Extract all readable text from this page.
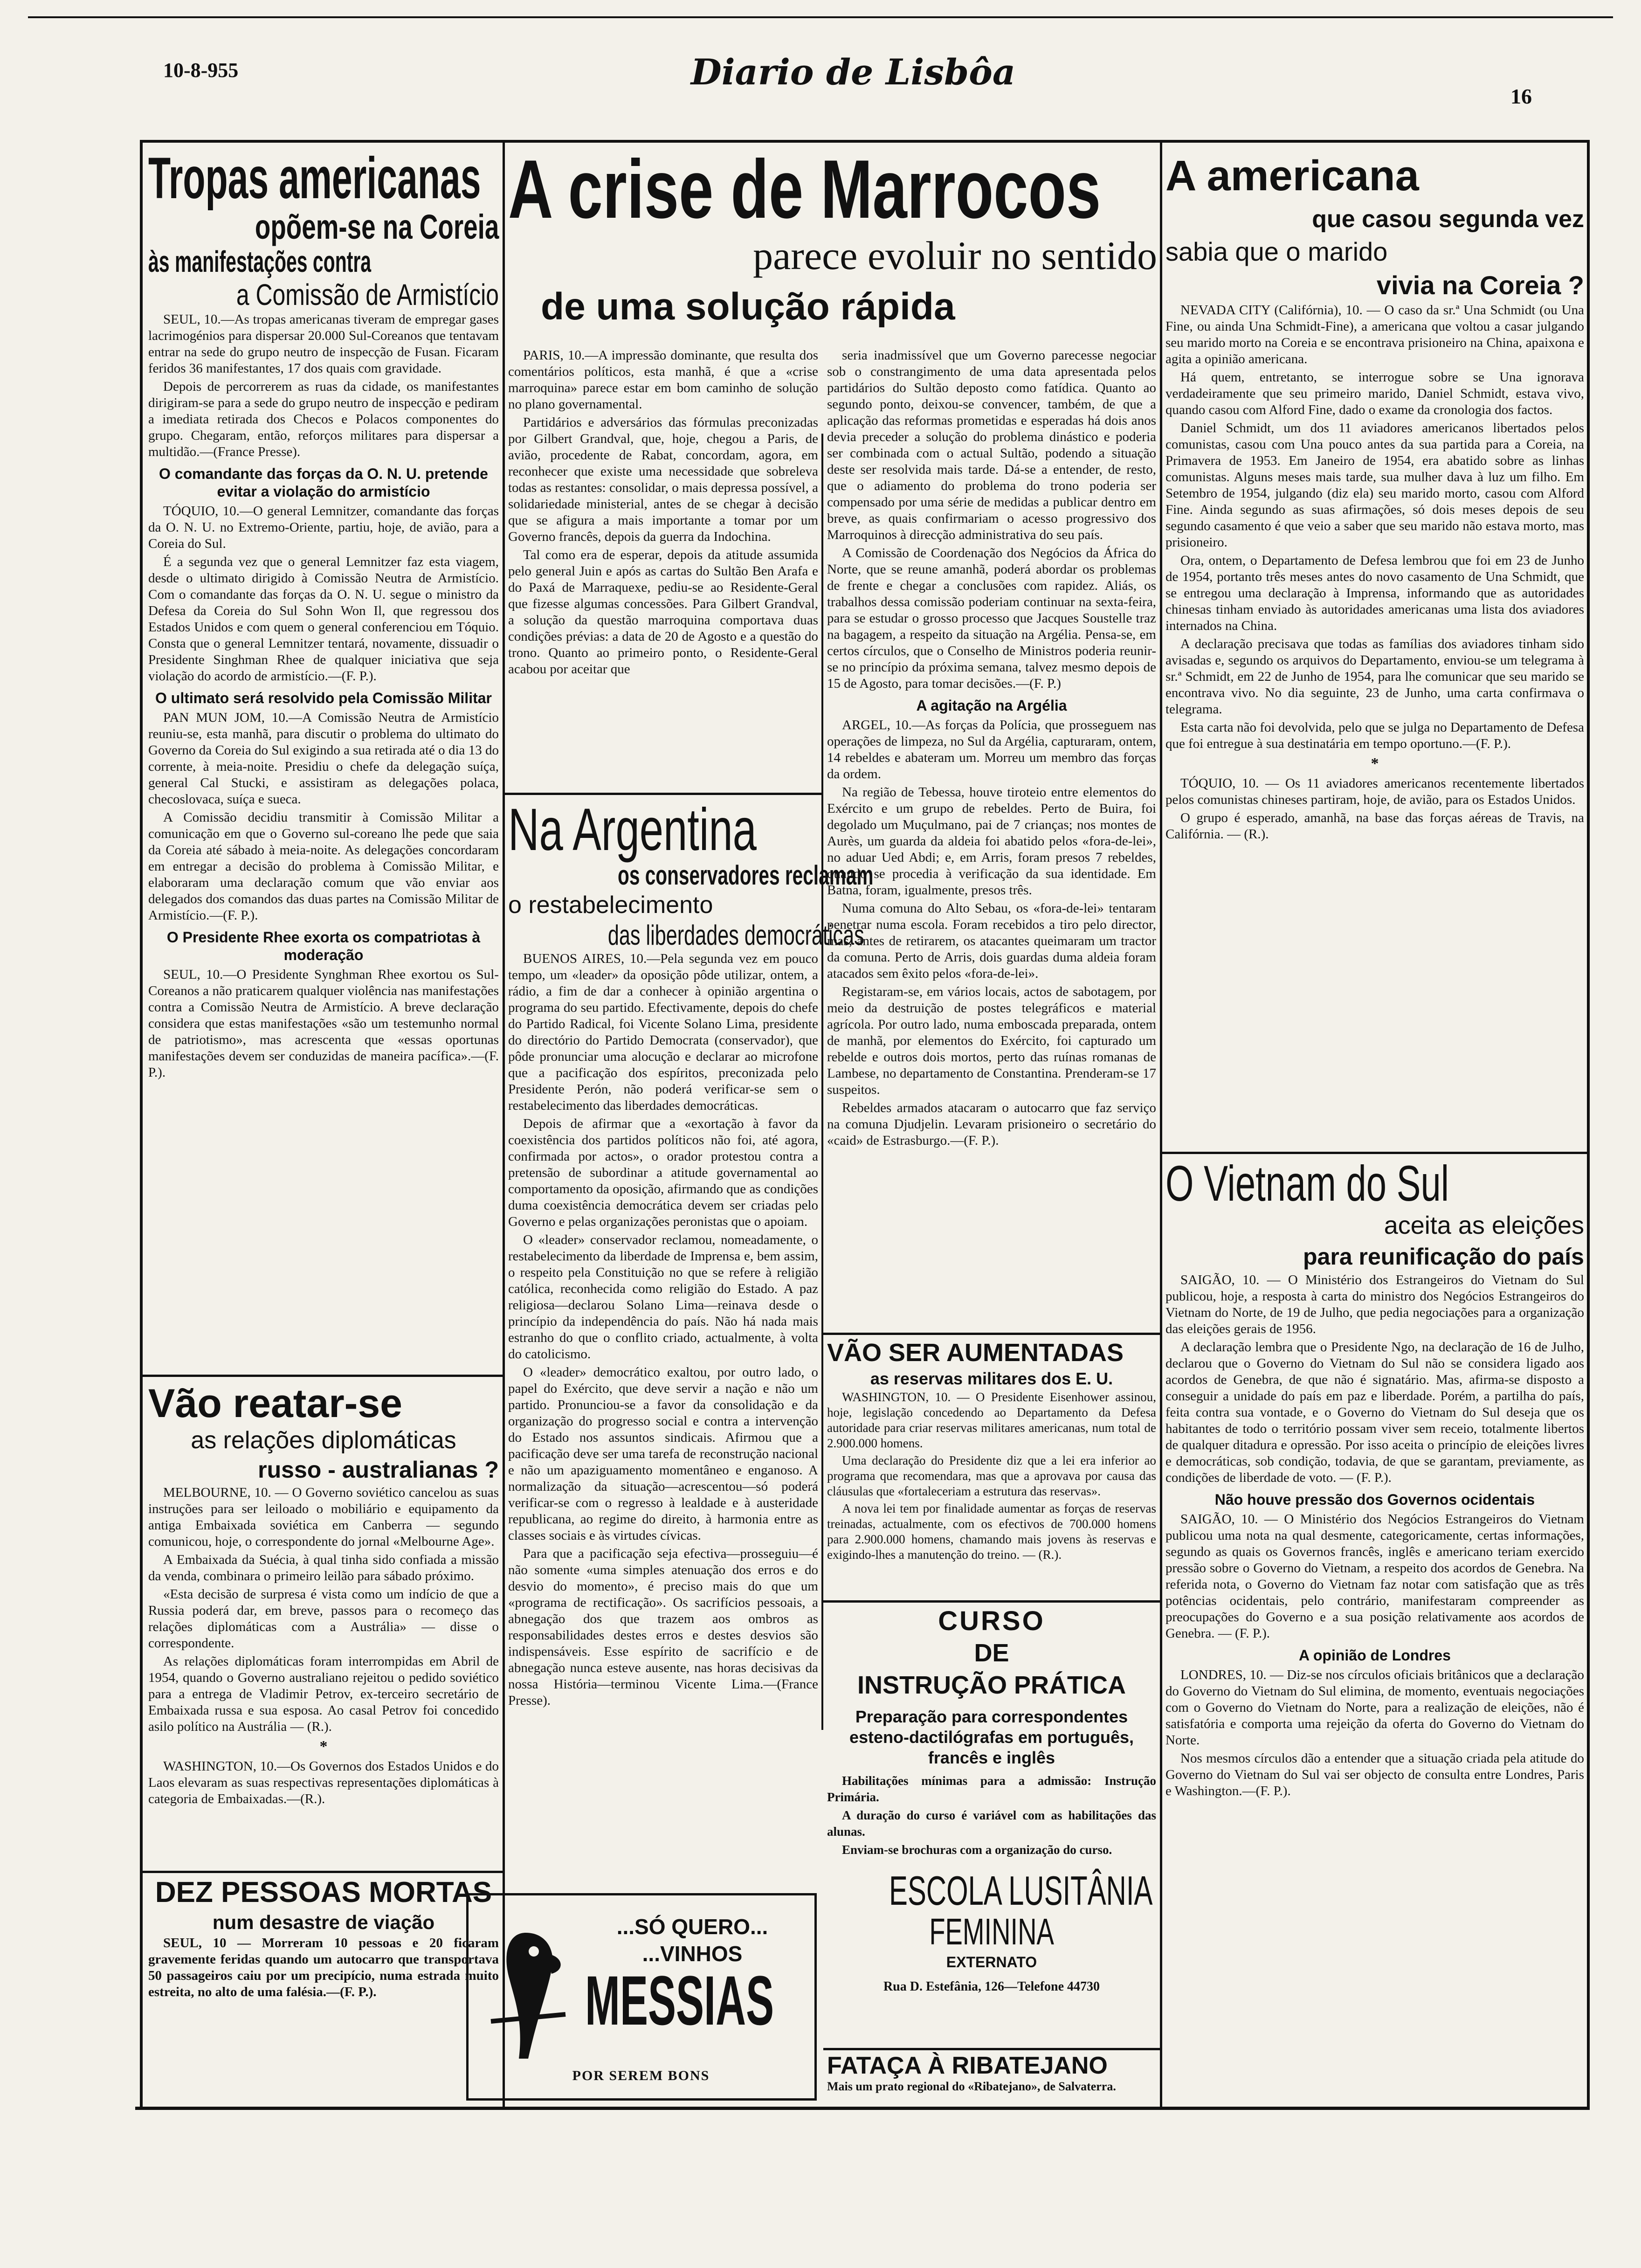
10-8-955	Diario de Lisbôa
16
Tropas americanas
opõem-se na Coreia
às manifestações contra
a Comissão de Armistício

SEUL, 10.—As tropas americanas tiveram de empregar gases lacrimogénios para dispersar 20.000 Sul-Coreanos que tentavam entrar na sede do grupo neutro de inspecção de Fusan. Ficaram feridos 36 manifestantes, 17 dos quais com gravidade.

Depois de percorrerem as ruas da cidade, os manifestantes dirigiram-se para a sede do grupo neutro de inspecção e pediram a imediata retirada dos Checos e Polacos componentes do grupo. Chegaram, então, reforços militares para dispersar a multidão.—(France Presse).

O comandante das forças da O. N. U. pretende evitar a violação do armistício

TÓQUIO, 10.—O general Lemnitzer, comandante das forças da O. N. U. no Extremo-Oriente, partiu, hoje, de avião, para a Coreia do Sul.

É a segunda vez que o general Lemnitzer faz esta viagem, desde o ultimato dirigido à Comissão Neutra de Armistício. Com o comandante das forças da O. N. U. segue o ministro da Defesa da Coreia do Sul Sohn Won Il, que regressou dos Estados Unidos e com quem o general conferenciou em Tóquio. Consta que o general Lemnitzer tentará, novamente, dissuadir o Presidente Singhman Rhee de qualquer iniciativa que seja violação do acordo de armistício.—(F. P.).

O ultimato será resolvido pela Comissão Militar

PAN MUN JOM, 10.—A Comissão Neutra de Armistício reuniu-se, esta manhã, para discutir o problema do ultimato do Governo da Coreia do Sul exigindo a sua retirada até o dia 13 do corrente, à meia-noite. Presidiu o chefe da delegação suíça, general Cal Stucki, e assistiram as delegações polaca, checoslovaca, suíça e sueca.

A Comissão decidiu transmitir à Comissão Militar a comunicação em que o Governo sul-coreano lhe pede que saia da Coreia até sábado à meia-noite. As delegações concordaram em entregar a decisão do problema à Comissão Militar, e elaboraram uma declaração comum que vão enviar aos delegados dos comandos das duas partes na Comissão Militar de Armistício.—(F. P.).

O Presidente Rhee exorta os compatriotas à moderação

SEUL, 10.—O Presidente Synghman Rhee exortou os Sul-Coreanos a não praticarem qualquer violência nas manifestações contra a Comissão Neutra de Armistício. A breve declaração considera que estas manifestações «são um testemunho normal de patriotismo», mas acrescenta que «essas oportunas manifestações devem ser conduzidas de maneira pacífica».—(F. P.).

Vão reatar-se
as relações diplomáticas
russo - australianas ?

MELBOURNE, 10. — O Governo soviético cancelou as suas instruções para ser leiloado o mobiliário e equipamento da antiga Embaixada soviética em Canberra — segundo comunicou, hoje, o correspondente do jornal «Melbourne Age».

A Embaixada da Suécia, à qual tinha sido confiada a missão da venda, combinara o primeiro leilão para sábado próximo.

«Esta decisão de surpresa é vista como um indício de que a Russia poderá dar, em breve, passos para o recomeço das relações diplomáticas com a Austrália» — disse o correspondente.

As relações diplomáticas foram interrompidas em Abril de 1954, quando o Governo australiano rejeitou o pedido soviético para a entrega de Vladimir Petrov, ex-terceiro secretário de Embaixada russa e sua esposa. Ao casal Petrov foi concedido asilo político na Austrália — (R.).

*

WASHINGTON, 10.—Os Governos dos Estados Unidos e do Laos elevaram as suas respectivas representações diplomáticas à categoria de Embaixadas.—(R.).

DEZ PESSOAS MORTAS
num desastre de viação

SEUL, 10 — Morreram 10 pessoas e 20 ficaram gravemente feridas quando um autocarro que transportava 50 passageiros caiu por um precipício, numa estrada muito estreita, no alto de uma falésia.—(F. P.).

A crise de Marrocos
parece evoluir no sentido
de uma solução rápida

PARIS, 10.—A impressão dominante, que resulta dos comentários políticos, esta manhã, é que a «crise marroquina» parece estar em bom caminho de solução no plano governamental.

Partidários e adversários das fórmulas preconizadas por Gilbert Grandval, que, hoje, chegou a Paris, de avião, procedente de Rabat, concordam, agora, em reconhecer que existe uma necessidade que sobreleva todas as restantes: consolidar, o mais depressa possível, a solidariedade ministerial, antes de se chegar à decisão que se afigura a mais importante a tomar por um Governo francês, depois da guerra da Indochina.

Tal como era de esperar, depois da atitude assumida pelo general Juin e após as cartas do Sultão Ben Arafa e do Paxá de Marraquexe, pediu-se ao Residente-Geral que fizesse algumas concessões. Para Gilbert Grandval, a solução da questão marroquina comportava duas condições prévias: a data de 20 de Agosto e a questão do trono. Quanto ao primeiro ponto, o Residente-Geral acabou por aceitar que

seria inadmissível que um Governo parecesse negociar sob o constrangimento de uma data apresentada pelos partidários do Sultão deposto como fatídica. Quanto ao segundo ponto, deixou-se convencer, também, de que a aplicação das reformas prometidas e esperadas há dois anos devia preceder a solução do problema dinástico e poderia ser combinada com o actual Sultão, podendo a situação deste ser resolvida mais tarde. Dá-se a entender, de resto, que o adiamento do problema do trono poderia ser compensado por uma série de medidas a publicar dentro em breve, as quais confirmariam o acesso progressivo dos Marroquinos à direcção administrativa do seu país.

A Comissão de Coordenação dos Negócios da África do Norte, que se reune amanhã, poderá abordar os problemas de frente e chegar a conclusões com rapidez. Aliás, os trabalhos dessa comissão poderiam continuar na sexta-feira, para se estudar o grosso processo que Jacques Soustelle traz na bagagem, a respeito da situação na Argélia. Pensa-se, em certos círculos, que o Conselho de Ministros poderia reunir-se no princípio da próxima semana, talvez mesmo depois de 15 de Agosto, para tomar decisões.—(F. P.)

A agitação na Argélia

ARGEL, 10.—As forças da Polícia, que prosseguem nas operações de limpeza, no Sul da Argélia, capturaram, ontem, 14 rebeldes e abateram um. Morreu um membro das forças da ordem.

Na região de Tebessa, houve tiroteio entre elementos do Exército e um grupo de rebeldes. Perto de Buira, foi degolado um Muçulmano, pai de 7 crianças; nos montes de Aurès, um guarda da aldeia foi abatido pelos «fora-de-lei», no aduar Ued Abdi; e, em Arris, foram presos 7 rebeldes, quando se procedia à verificação da sua identidade. Em Batna, foram, igualmente, presos três.

Numa comuna do Alto Sebau, os «fora-de-lei» tentaram penetrar numa escola. Foram recebidos a tiro pelo director, mas, antes de retirarem, os atacantes queimaram um tractor da comuna. Perto de Arris, dois guardas duma aldeia foram atacados sem êxito pelos «fora-de-lei».

Registaram-se, em vários locais, actos de sabotagem, por meio da destruição de postes telegráficos e material agrícola. Por outro lado, numa emboscada preparada, ontem de manhã, por elementos do Exército, foi capturado um rebelde e outros dois mortos, perto das ruínas romanas de Lambese, no departamento de Constantina. Prenderam-se 17 suspeitos.

Rebeldes armados atacaram o autocarro que faz serviço na comuna Djudjelin. Levaram prisioneiro o secretário do «caid» de Estrasburgo.—(F. P.).

Na Argentina
os conservadores reclamam
o restabelecimento
das liberdades democráticas

BUENOS AIRES, 10.—Pela segunda vez em pouco tempo, um «leader» da oposição pôde utilizar, ontem, a rádio, a fim de dar a conhecer à opinião argentina o programa do seu partido. Efectivamente, depois do chefe do Partido Radical, foi Vicente Solano Lima, presidente do directório do Partido Democrata (conservador), que pôde pronunciar uma alocução e declarar ao microfone que a pacificação dos espíritos, preconizada pelo Presidente Perón, não poderá verificar-se sem o restabelecimento das liberdades democráticas.

Depois de afirmar que a «exortação à favor da coexistência dos partidos políticos não foi, até agora, confirmada por actos», o orador protestou contra a pretensão de subordinar a atitude governamental ao comportamento da oposição, afirmando que as condições duma coexistência democrática devem ser criadas pelo Governo e pelas organizações peronistas que o apoiam.

O «leader» conservador reclamou, nomeadamente, o restabelecimento da liberdade de Imprensa e, bem assim, o respeito pela Constituição no que se refere à religião católica, reconhecida como religião do Estado. A paz religiosa—declarou Solano Lima—reinava desde o princípio da independência do país. Não há nada mais estranho do que o conflito criado, actualmente, à volta do catolicismo.

O «leader» democrático exaltou, por outro lado, o papel do Exército, que deve servir a nação e não um partido. Pronunciou-se a favor da consolidação e da organização do progresso social e contra a intervenção do Estado nos assuntos sindicais. Afirmou que a pacificação deve ser uma tarefa de reconstrução nacional e não um apaziguamento momentâneo e enganoso. A normalização da situação—acrescentou—só poderá verificar-se com o regresso à lealdade e à austeridade republicana, ao regime do direito, à harmonia entre as classes sociais e às virtudes cívicas.

Para que a pacificação seja efectiva—prosseguiu—é não somente «uma simples atenuação dos erros e do desvio do momento», é preciso mais do que um «programa de rectificação». Os sacrifícios pessoais, a abnegação dos que trazem aos ombros as responsabilidades destes erros e destes desvios são indispensáveis. Esse espírito de sacrifício e de abnegação nunca esteve ausente, nas horas decisivas da nossa História—terminou Vicente Lima.—(France Presse).

...SÓ QUERO...
...VINHOS
MESSIAS
POR SEREM BONS
VÃO SER AUMENTADAS
as reservas militares dos E. U.

WASHINGTON, 10. — O Presidente Eisenhower assinou, hoje, legislação concedendo ao Departamento da Defesa autoridade para criar reservas militares americanas, num total de 2.900.000 homens.

Uma declaração do Presidente diz que a lei era inferior ao programa que recomendara, mas que a aprovava por causa das cláusulas que «fortaleceriam a estrutura das reservas».

A nova lei tem por finalidade aumentar as forças de reservas treinadas, actualmente, com os efectivos de 700.000 homens para 2.900.000 homens, chamando mais jovens às reservas e exigindo-lhes a manutenção do treino. — (R.).

CURSO
DE
INSTRUÇÃO PRÁTICA
Preparação para correspondentes esteno-dactilógrafas em português, francês e inglês

Habilitações mínimas para a admissão: Instrução Primária.

A duração do curso é variável com as habilitações das alunas.

Enviam-se brochuras com a organização do curso.

ESCOLA LUSITÂNIA
FEMININA
EXTERNATO
Rua D. Estefânia, 126—Telefone 44730
FATAÇA À RIBATEJANO

Mais um prato regional do «Ribatejano», de Salvaterra.

A americana
que casou segunda vez
sabia que o marido
vivia na Coreia ?

NEVADA CITY (Califórnia), 10. — O caso da sr.ª Una Schmidt (ou Una Fine, ou ainda Una Schmidt-Fine), a americana que voltou a casar julgando seu marido morto na Coreia e se encontrava prisioneiro na China, apaixona e agita a opinião americana.

Há quem, entretanto, se interrogue sobre se Una ignorava verdadeiramente que seu primeiro marido, Daniel Schmidt, estava vivo, quando casou com Alford Fine, dado o exame da cronologia dos factos.

Daniel Schmidt, um dos 11 aviadores americanos libertados pelos comunistas, casou com Una pouco antes da sua partida para a Coreia, na Primavera de 1953. Em Janeiro de 1954, era abatido sobre as linhas comunistas. Alguns meses mais tarde, sua mulher dava à luz um filho. Em Setembro de 1954, julgando (diz ela) seu marido morto, casou com Alford Fine. Ainda segundo as suas afirmações, só dois meses depois de seu segundo casamento é que veio a saber que seu marido não estava morto, mas prisioneiro.

Ora, ontem, o Departamento de Defesa lembrou que foi em 23 de Junho de 1954, portanto três meses antes do novo casamento de Una Schmidt, que se entregou uma declaração à Imprensa, informando que as autoridades chinesas tinham enviado às autoridades americanas uma lista dos aviadores internados na China.

A declaração precisava que todas as famílias dos aviadores tinham sido avisadas e, segundo os arquivos do Departamento, enviou-se um telegrama à sr.ª Schmidt, em 22 de Junho de 1954, para lhe comunicar que seu marido se encontrava vivo. No dia seguinte, 23 de Junho, uma carta confirmava o telegrama.

Esta carta não foi devolvida, pelo que se julga no Departamento de Defesa que foi entregue à sua destinatária em tempo oportuno.—(F. P.).

*

TÓQUIO, 10. — Os 11 aviadores americanos recentemente libertados pelos comunistas chineses partiram, hoje, de avião, para os Estados Unidos.

O grupo é esperado, amanhã, na base das forças aéreas de Travis, na Califórnia. — (R.).

O Vietnam do Sul
aceita as eleições
para reunificação do país

SAIGÃO, 10. — O Ministério dos Estrangeiros do Vietnam do Sul publicou, hoje, a resposta à carta do ministro dos Negócios Estrangeiros do Vietnam do Norte, de 19 de Julho, que pedia negociações para a organização das eleições gerais de 1956.

A declaração lembra que o Presidente Ngo, na declaração de 16 de Julho, declarou que o Governo do Vietnam do Sul não se considera ligado aos acordos de Genebra, de que não é signatário. Mas, afirma-se disposto a conseguir a unidade do país em paz e liberdade. Porém, a partilha do país, feita contra sua vontade, e o Governo do Vietnam do Sul deseja que os habitantes de todo o território possam viver sem receio, totalmente libertos de qualquer ditadura e opressão. Por isso aceita o princípio de eleições livres e democráticas, sob condição, todavia, de que se garantam, previamente, as condições de liberdade de voto. — (F. P.).

Não houve pressão dos Governos ocidentais

SAIGÃO, 10. — O Ministério dos Negócios Estrangeiros do Vietnam publicou uma nota na qual desmente, categoricamente, certas informações, segundo as quais os Governos francês, inglês e americano teriam exercido pressão sobre o Governo do Vietnam, a respeito dos acordos de Genebra. Na referida nota, o Governo do Vietnam faz notar com satisfação que as três potências ocidentais, pelo contrário, manifestaram compreender as preocupações do Governo e a sua posição relativamente aos acordos de Genebra. — (F. P.).

A opinião de Londres

LONDRES, 10. — Diz-se nos círculos oficiais britânicos que a declaração do Governo do Vietnam do Sul elimina, de momento, eventuais negociações com o Governo do Vietnam do Norte, para a realização de eleições, não é satisfatória e comporta uma rejeição da oferta do Governo do Vietnam do Norte.

Nos mesmos círculos dão a entender que a situação criada pela atitude do Governo do Vietnam do Sul vai ser objecto de consulta entre Londres, Paris e Washington.—(F. P.).
